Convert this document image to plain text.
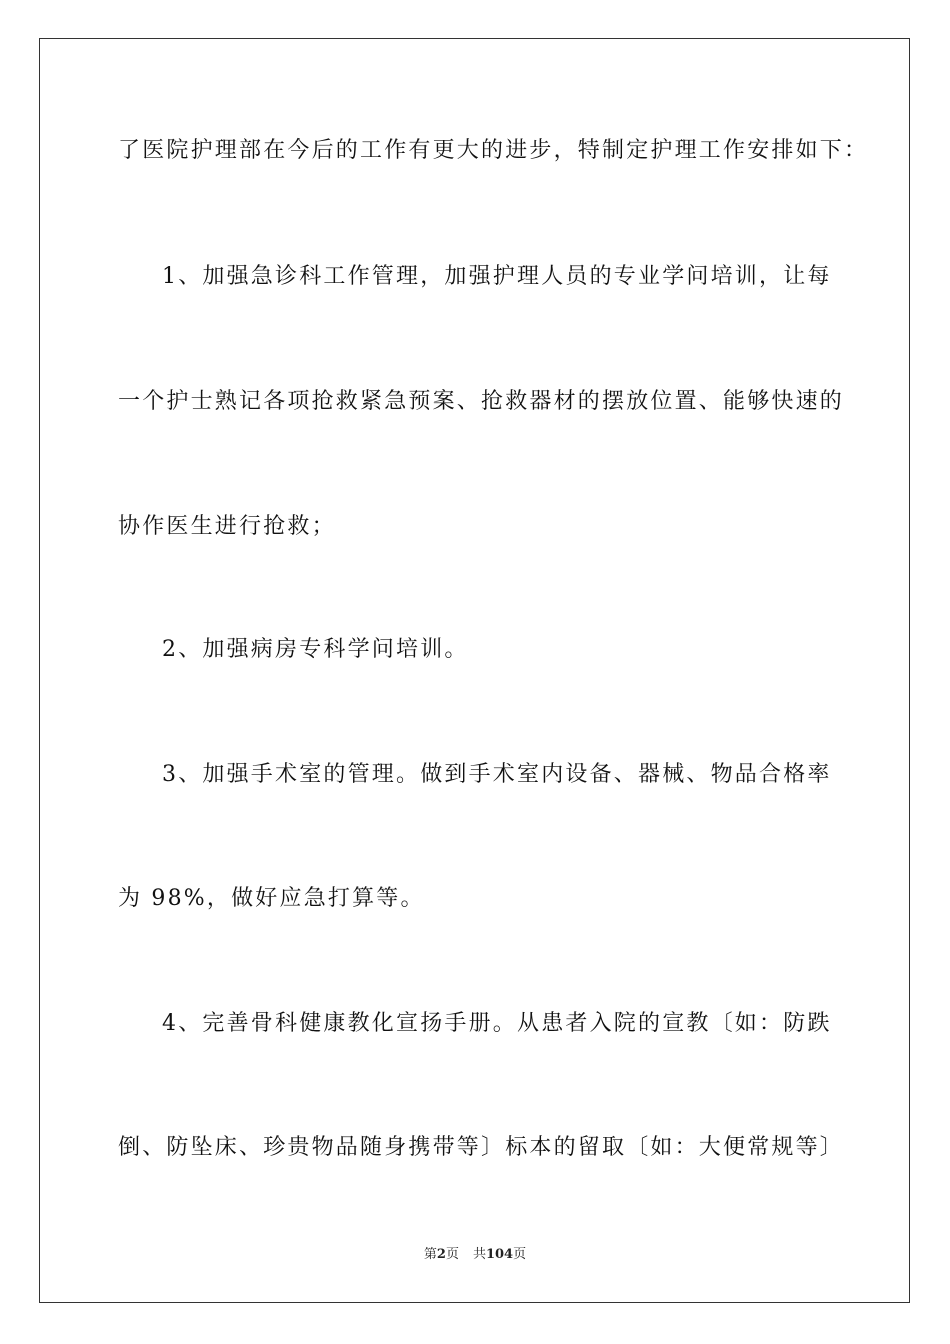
了医院护理部在今后的工作有更大的进步，特制定护理工作安排如下：
1、加强急诊科工作管理，加强护理人员的专业学问培训，让每
一个护士熟记各项抢救紧急预案、抢救器材的摆放位置、能够快速的
协作医生进行抢救；
2、加强病房专科学问培训。
3、加强手术室的管理。做到手术室内设备、器械、物品合格率
为 98%，做好应急打算等。
4、完善骨科健康教化宣扬手册。从患者入院的宣教〔如：防跌
倒、防坠床、珍贵物品随身携带等〕标本的留取〔如：大便常规等〕
第2页 共104页
